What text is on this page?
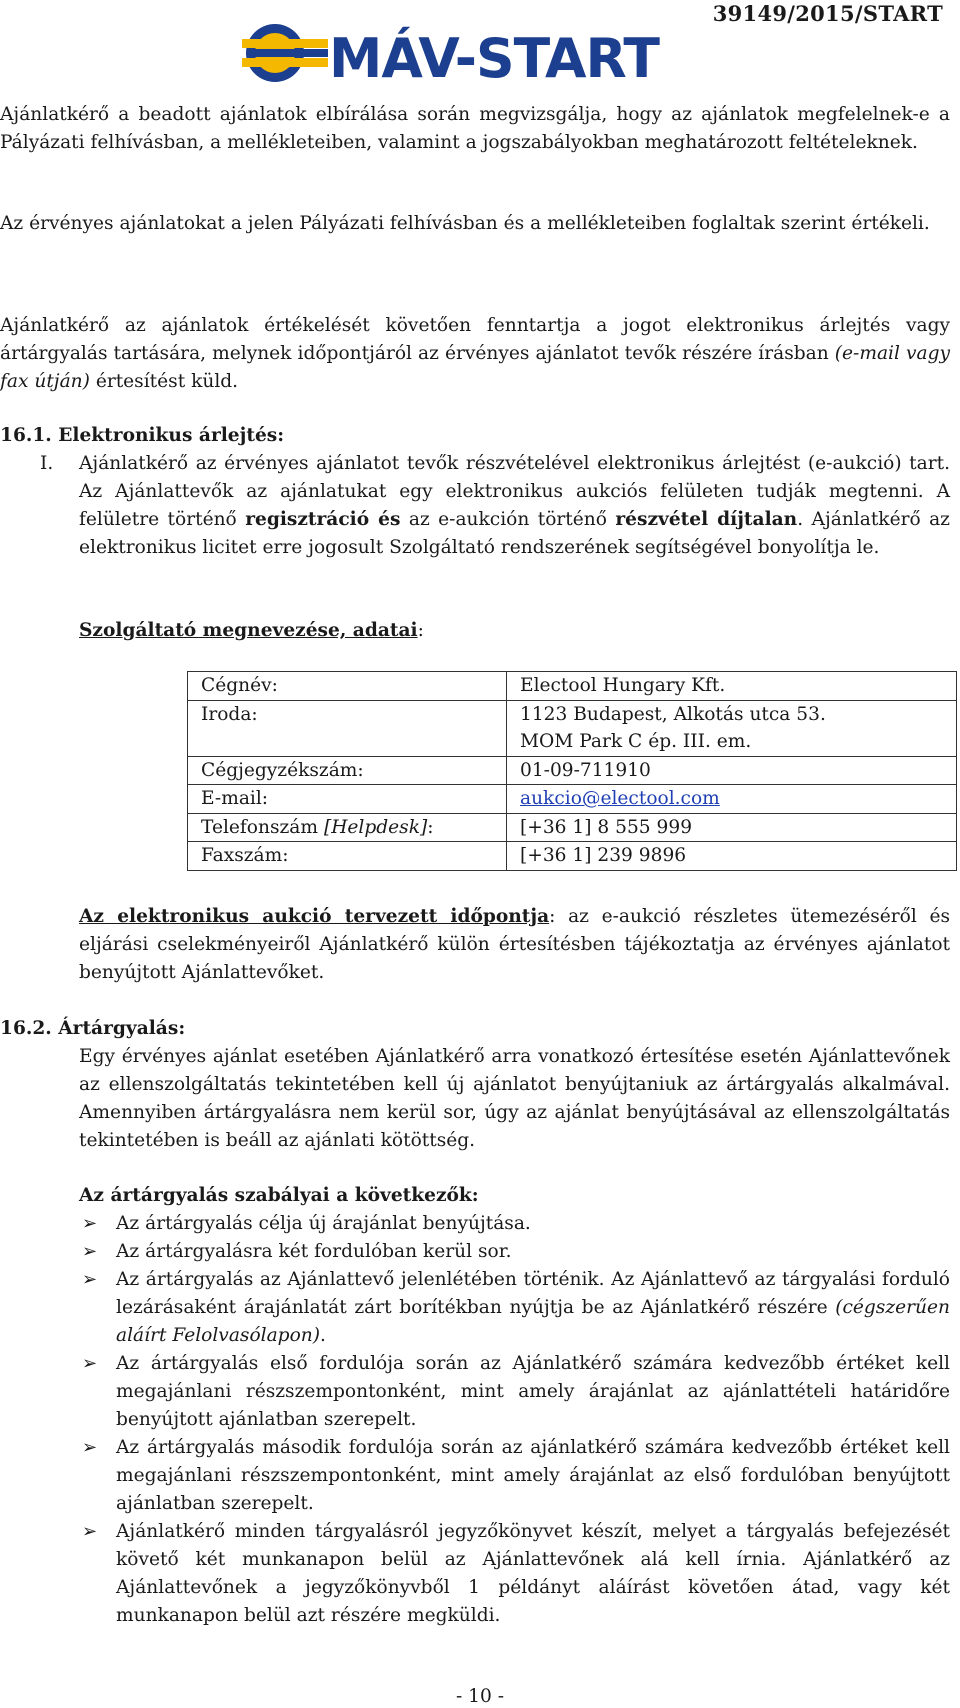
39149/2015/START
MÁV-START

Ajánlatkérő a beadott ajánlatok elbírálása során megvizsgálja, hogy az ajánlatok megfelelnek-e a Pályázati felhívásban, a mellékleteiben, valamint a jogszabályokban meghatározott feltételeknek.

Az érvényes ajánlatokat a jelen Pályázati felhívásban és a mellékleteiben foglaltak szerint értékeli.

Ajánlatkérő az ajánlatok értékelését követően fenntartja a jogot elektronikus árlejtés vagy ártárgyalás tartására, melynek időpontjáról az érvényes ajánlatot tevők részére írásban (e-mail vagy fax útján) értesítést küld.

16.1. Elektronikus árlejtés:

I. Ajánlatkérő az érvényes ajánlatot tevők részvételével elektronikus árlejtést (e-aukció) tart. Az Ajánlattevők az ajánlatukat egy elektronikus aukciós felületen tudják megtenni. A felületre történő regisztráció és az e-aukción történő részvétel díjtalan. Ajánlatkérő az elektronikus licitet erre jogosult Szolgáltató rendszerének segítségével bonyolítja le.

Szolgáltató megnevezése, adatai:

Cégnév:	Electool Hungary Kft.
Iroda:	1123 Budapest, Alkotás utca 53.
MOM Park C ép. III. em.
Cégjegyzékszám:	01-09-711910
E-mail:	aukcio@electool.com
Telefonszám [Helpdesk]:	[+36 1] 8 555 999
Faxszám:	[+36 1] 239 9896

Az elektronikus aukció tervezett időpontja: az e-aukció részletes ütemezéséről és eljárási cselekményeiről Ajánlatkérő külön értesítésben tájékoztatja az érvényes ajánlatot benyújtott Ajánlattevőket.

16.2. Ártárgyalás:

Egy érvényes ajánlat esetében Ajánlatkérő arra vonatkozó értesítése esetén Ajánlattevőnek az ellenszolgáltatás tekintetében kell új ajánlatot benyújtaniuk az ártárgyalás alkalmával. Amennyiben ártárgyalásra nem kerül sor, úgy az ajánlat benyújtásával az ellenszolgáltatás tekintetében is beáll az ajánlati kötöttség.

Az ártárgyalás szabályai a következők:

➢	Az ártárgyalás célja új árajánlat benyújtása.

➢	Az ártárgyalásra két fordulóban kerül sor.

➢	Az ártárgyalás az Ajánlattevő jelenlétében történik. Az Ajánlattevő az tárgyalási forduló lezárásaként árajánlatát zárt borítékban nyújtja be az Ajánlatkérő részére (cégszerűen aláírt Felolvasólapon).

➢	Az ártárgyalás első fordulója során az Ajánlatkérő számára kedvezőbb értéket kell megajánlani részszempontonként, mint amely árajánlat az ajánlattételi határidőre benyújtott ajánlatban szerepelt.

➢	Az ártárgyalás második fordulója során az ajánlatkérő számára kedvezőbb értéket kell megajánlani részszempontonként, mint amely árajánlat az első fordulóban benyújtott ajánlatban szerepelt.

➢	Ajánlatkérő minden tárgyalásról jegyzőkönyvet készít, melyet a tárgyalás befejezését követő két munkanapon belül az Ajánlattevőnek alá kell írnia. Ajánlatkérő az Ajánlattevőnek a jegyzőkönyvből 1 példányt aláírást követően átad, vagy két munkanapon belül azt részére megküldi.

- 10 -
